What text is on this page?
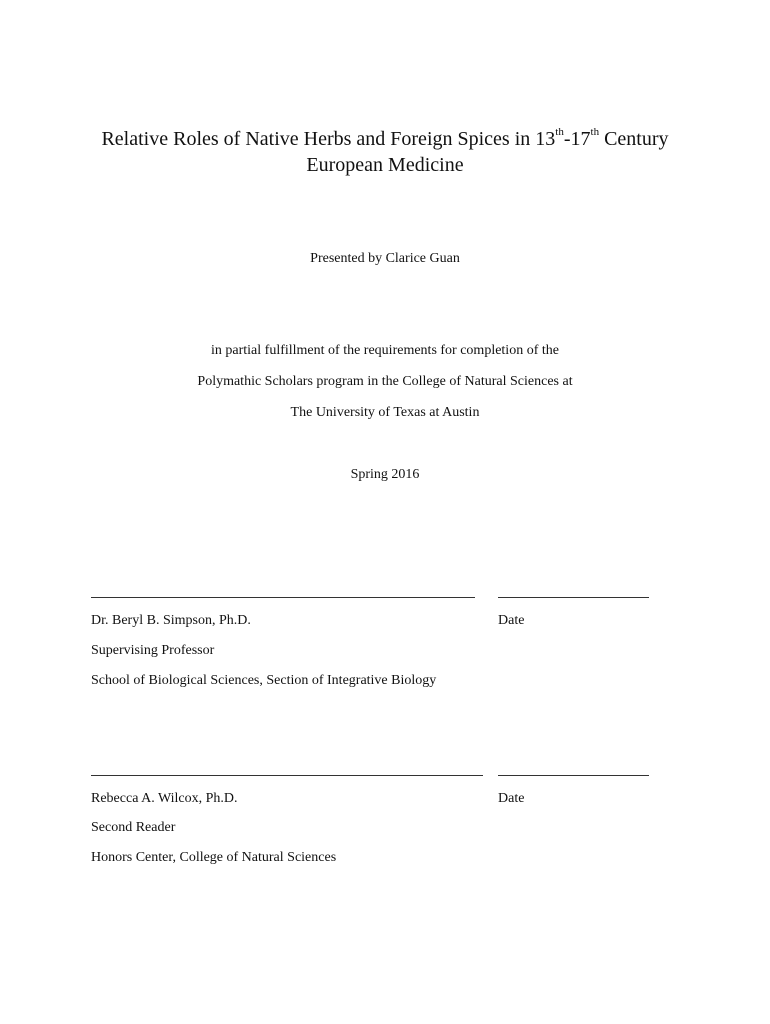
Relative Roles of Native Herbs and Foreign Spices in 13th-17th Century
European Medicine
Presented by Clarice Guan
in partial fulfillment of the requirements for completion of the
Polymathic Scholars program in the College of Natural Sciences at
The University of Texas at Austin
Spring 2016
Dr. Beryl B. Simpson, Ph.D.	Date
Supervising Professor
School of Biological Sciences, Section of Integrative Biology
Rebecca A. Wilcox, Ph.D.	Date
Second Reader
Honors Center, College of Natural Sciences
